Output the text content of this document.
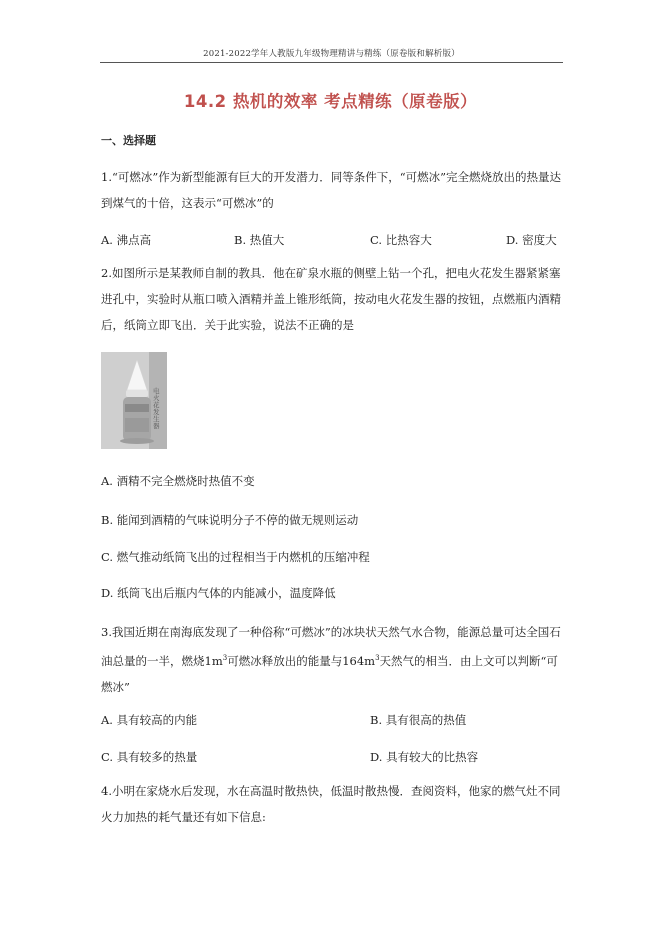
2021-2022学年人教版九年级物理精讲与精练（原卷版和解析版）
14.2 热机的效率 考点精练（原卷版）
一、选择题
1.“可燃冰”作为新型能源有巨大的开发潜力．同等条件下，“可燃冰”完全燃烧放出的热量达到煤气的十倍，这表示“可燃冰”的
A. 沸点高	B. 热值大	C. 比热容大	D. 密度大
2.如图所示是某教师自制的教具．他在矿泉水瓶的侧壁上钻一个孔，把电火花发生器紧紧塞进孔中，实验时从瓶口喷入酒精并盖上锥形纸筒，按动电火花发生器的按钮，点燃瓶内酒精后，纸筒立即飞出．关于此实验，说法不正确的是
电火花发生器
A. 酒精不完全燃烧时热值不变
B. 能闻到酒精的气味说明分子不停的做无规则运动
C. 燃气推动纸筒飞出的过程相当于内燃机的压缩冲程
D. 纸筒飞出后瓶内气体的内能减小，温度降低
3.我国近期在南海底发现了一种俗称“可燃冰”的冰块状天然气水合物，能源总量可达全国石油总量的一半，燃烧$1m^3$可燃冰释放出的能量与$164m^3$天然气的相当．由上文可以判断“可燃冰”
A. 具有较高的内能	B. 具有很高的热值
C. 具有较多的热量	D. 具有较大的比热容
4.小明在家烧水后发现，水在高温时散热快，低温时散热慢．查阅资料，他家的燃气灶不同火力加热的耗气量还有如下信息:
